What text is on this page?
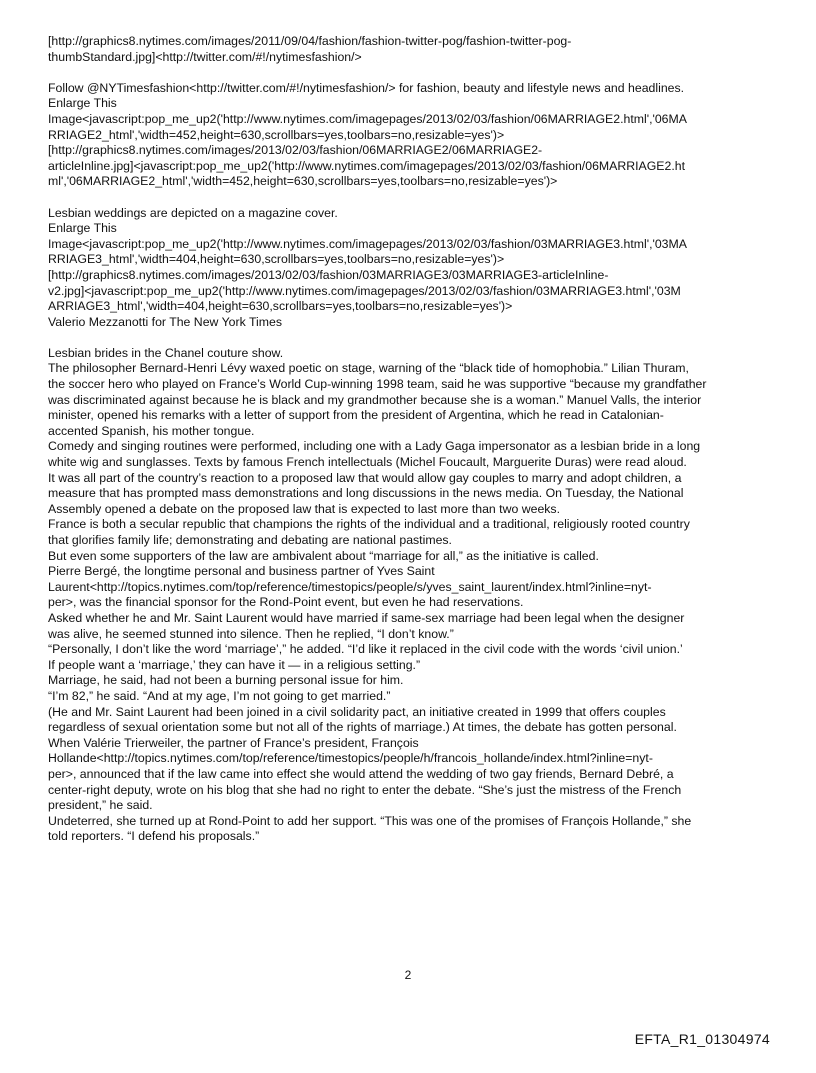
[http://graphics8.nytimes.com/images/2011/09/04/fashion/fashion-twitter-pog/fashion-twitter-pog-
thumbStandard.jpg]<http://twitter.com/#!/nytimesfashion/>

Follow @NYTimesfashion<http://twitter.com/#!/nytimesfashion/> for fashion, beauty and lifestyle news and headlines.
Enlarge This
Image<javascript:pop_me_up2('http://www.nytimes.com/imagepages/2013/02/03/fashion/06MARRIAGE2.html','06MA
RRIAGE2_html','width=452,height=630,scrollbars=yes,toolbars=no,resizable=yes')>
[http://graphics8.nytimes.com/images/2013/02/03/fashion/06MARRIAGE2/06MARRIAGE2-
articleInline.jpg]<javascript:pop_me_up2('http://www.nytimes.com/imagepages/2013/02/03/fashion/06MARRIAGE2.ht
ml','06MARRIAGE2_html','width=452,height=630,scrollbars=yes,toolbars=no,resizable=yes')>

Lesbian weddings are depicted on a magazine cover.
Enlarge This
Image<javascript:pop_me_up2('http://www.nytimes.com/imagepages/2013/02/03/fashion/03MARRIAGE3.html','03MA
RRIAGE3_html','width=404,height=630,scrollbars=yes,toolbars=no,resizable=yes')>
[http://graphics8.nytimes.com/images/2013/02/03/fashion/03MARRIAGE3/03MARRIAGE3-articleInline-
v2.jpg]<javascript:pop_me_up2('http://www.nytimes.com/imagepages/2013/02/03/fashion/03MARRIAGE3.html','03M
ARRIAGE3_html','width=404,height=630,scrollbars=yes,toolbars=no,resizable=yes')>
Valerio Mezzanotti for The New York Times

Lesbian brides in the Chanel couture show.
The philosopher Bernard-Henri Lévy waxed poetic on stage, warning of the “black tide of homophobia.” Lilian Thuram,
the soccer hero who played on France’s World Cup-winning 1998 team, said he was supportive “because my grandfather
was discriminated against because he is black and my grandmother because she is a woman.” Manuel Valls, the interior
minister, opened his remarks with a letter of support from the president of Argentina, which he read in Catalonian-
accented Spanish, his mother tongue.
Comedy and singing routines were performed, including one with a Lady Gaga impersonator as a lesbian bride in a long
white wig and sunglasses. Texts by famous French intellectuals (Michel Foucault, Marguerite Duras) were read aloud.
It was all part of the country’s reaction to a proposed law that would allow gay couples to marry and adopt children, a
measure that has prompted mass demonstrations and long discussions in the news media. On Tuesday, the National
Assembly opened a debate on the proposed law that is expected to last more than two weeks.
France is both a secular republic that champions the rights of the individual and a traditional, religiously rooted country
that glorifies family life; demonstrating and debating are national pastimes.
But even some supporters of the law are ambivalent about “marriage for all,” as the initiative is called.
Pierre Bergé, the longtime personal and business partner of Yves Saint
Laurent<http://topics.nytimes.com/top/reference/timestopics/people/s/yves_saint_laurent/index.html?inline=nyt-
per>, was the financial sponsor for the Rond-Point event, but even he had reservations.
Asked whether he and Mr. Saint Laurent would have married if same-sex marriage had been legal when the designer
was alive, he seemed stunned into silence. Then he replied, “I don’t know.”
“Personally, I don’t like the word ‘marriage’,” he added. “I’d like it replaced in the civil code with the words ‘civil union.’
If people want a ‘marriage,’ they can have it — in a religious setting.”
Marriage, he said, had not been a burning personal issue for him.
“I’m 82,” he said. “And at my age, I’m not going to get married.”
(He and Mr. Saint Laurent had been joined in a civil solidarity pact, an initiative created in 1999 that offers couples
regardless of sexual orientation some but not all of the rights of marriage.) At times, the debate has gotten personal.
When Valérie Trierweiler, the partner of France’s president, François
Hollande<http://topics.nytimes.com/top/reference/timestopics/people/h/francois_hollande/index.html?inline=nyt-
per>, announced that if the law came into effect she would attend the wedding of two gay friends, Bernard Debré, a
center-right deputy, wrote on his blog that she had no right to enter the debate. “She’s just the mistress of the French
president,” he said.
Undeterred, she turned up at Rond-Point to add her support. “This was one of the promises of François Hollande,” she
told reporters. “I defend his proposals.”

2
EFTA_R1_01304974
